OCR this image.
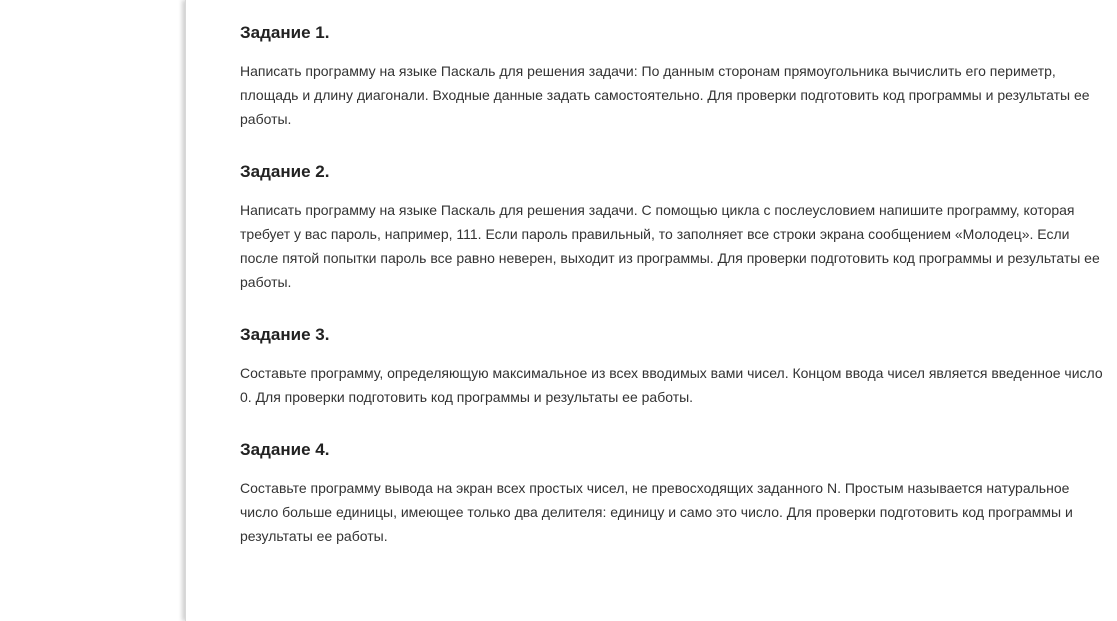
Задание 1.

Написать программу на языке Паскаль для решения задачи: По данным сторонам прямоугольника вычислить его периметр, площадь и длину диагонали. Входные данные задать самостоятельно. Для проверки подготовить код программы и результаты ее работы.

Задание 2.

Написать программу на языке Паскаль для решения задачи. С помощью цикла с послеусловием напишите программу, которая требует у вас пароль, например, 111. Если пароль правильный, то заполняет все строки экрана сообщением «Молодец». Если после пятой попытки пароль все равно неверен, выходит из программы. Для проверки подготовить код программы и результаты ее работы.

Задание 3.

Составьте программу, определяющую максимальное из всех вводимых вами чисел. Концом ввода чисел является введенное число 0. Для проверки подготовить код программы и результаты ее работы.

Задание 4.

Составьте программу вывода на экран всех простых чисел, не превосходящих заданного N. Простым называется натуральное число больше единицы, имеющее только два делителя: единицу и само это число. Для проверки подготовить код программы и результаты ее работы.
